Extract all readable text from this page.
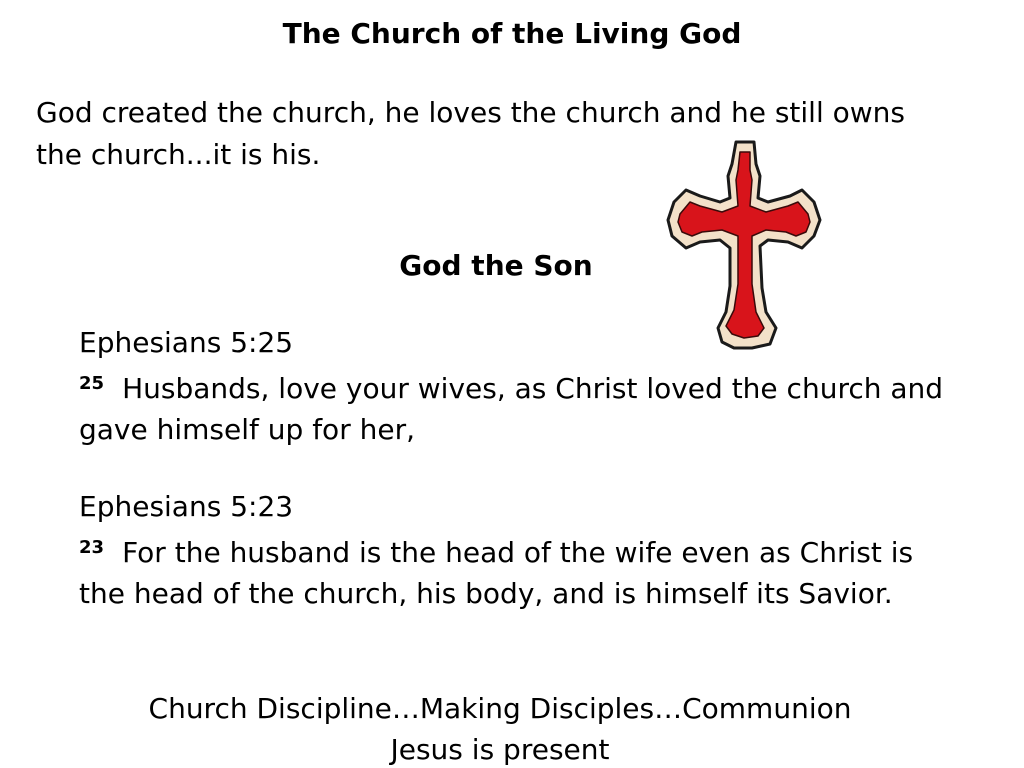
The Church of the Living God
God created the church, he loves the church and he still owns the church...it is his.
God the Son
Ephesians 5:25
$^{25}$ Husbands, love your wives, as Christ loved the church and gave himself up for her,
Ephesians 5:23
$^{23}$ For the husband is the head of the wife even as Christ is the head of the church, his body, and is himself its Savior.
Church Discipline…Making Disciples…Communion
Jesus is present
